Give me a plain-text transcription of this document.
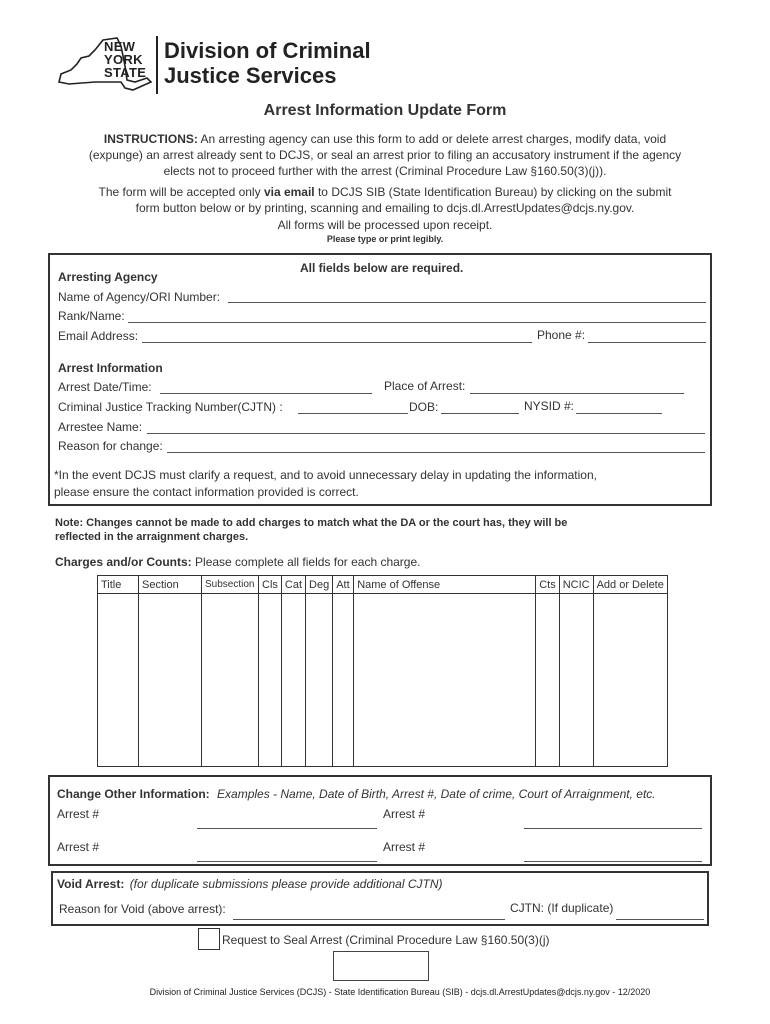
NEW
YORK
STATE
Division of Criminal
Justice Services
Arrest Information Update Form
INSTRUCTIONS: An arresting agency can use this form to add or delete arrest charges, modify data, void
(expunge) an arrest already sent to DCJS, or seal an arrest prior to filing an accusatory instrument if the agency
elects not to proceed further with the arrest (Criminal Procedure Law §160.50(3)(j)).
The form will be accepted only via email to DCJS SIB (State Identification Bureau) by clicking on the submit
form button below or by printing, scanning and emailing to dcjs.dl.ArrestUpdates@dcjs.ny.gov.
All forms will be processed upon receipt.
Please type or print legibly.
All fields below are required.
Arresting Agency
Name of Agency/ORI Number:
Rank/Name:
Email Address:	Phone #:
Arrest Information
Arrest Date/Time:	Place of Arrest:
Criminal Justice Tracking Number(CJTN) :	DOB:	NYSID #:
Arrestee Name:
Reason for change:
*In the event DCJS must clarify a request, and to avoid unnecessary delay in updating the information,
please ensure the contact information provided is correct.
Note: Changes cannot be made to add charges to match what the DA or the court has, they will be
reflected in the arraignment charges.
Charges and/or Counts: Please complete all fields for each charge.
Title	Section	Subsection	Cls	Cat	Deg	Att	Name of Offense	Cts	NCIC	Add or Delete

Change Other Information: Examples - Name, Date of Birth, Arrest #, Date of crime, Court of Arraignment, etc.
Arrest #	Arrest #
Arrest #	Arrest #
Void Arrest: (for duplicate submissions please provide additional CJTN)
Reason for Void (above arrest):	CJTN: (If duplicate)
Request to Seal Arrest (Criminal Procedure Law §160.50(3)(j)
Division of Criminal Justice Services (DCJS) - State Identification Bureau (SIB) - dcjs.dl.ArrestUpdates@dcjs.ny.gov - 12/2020
